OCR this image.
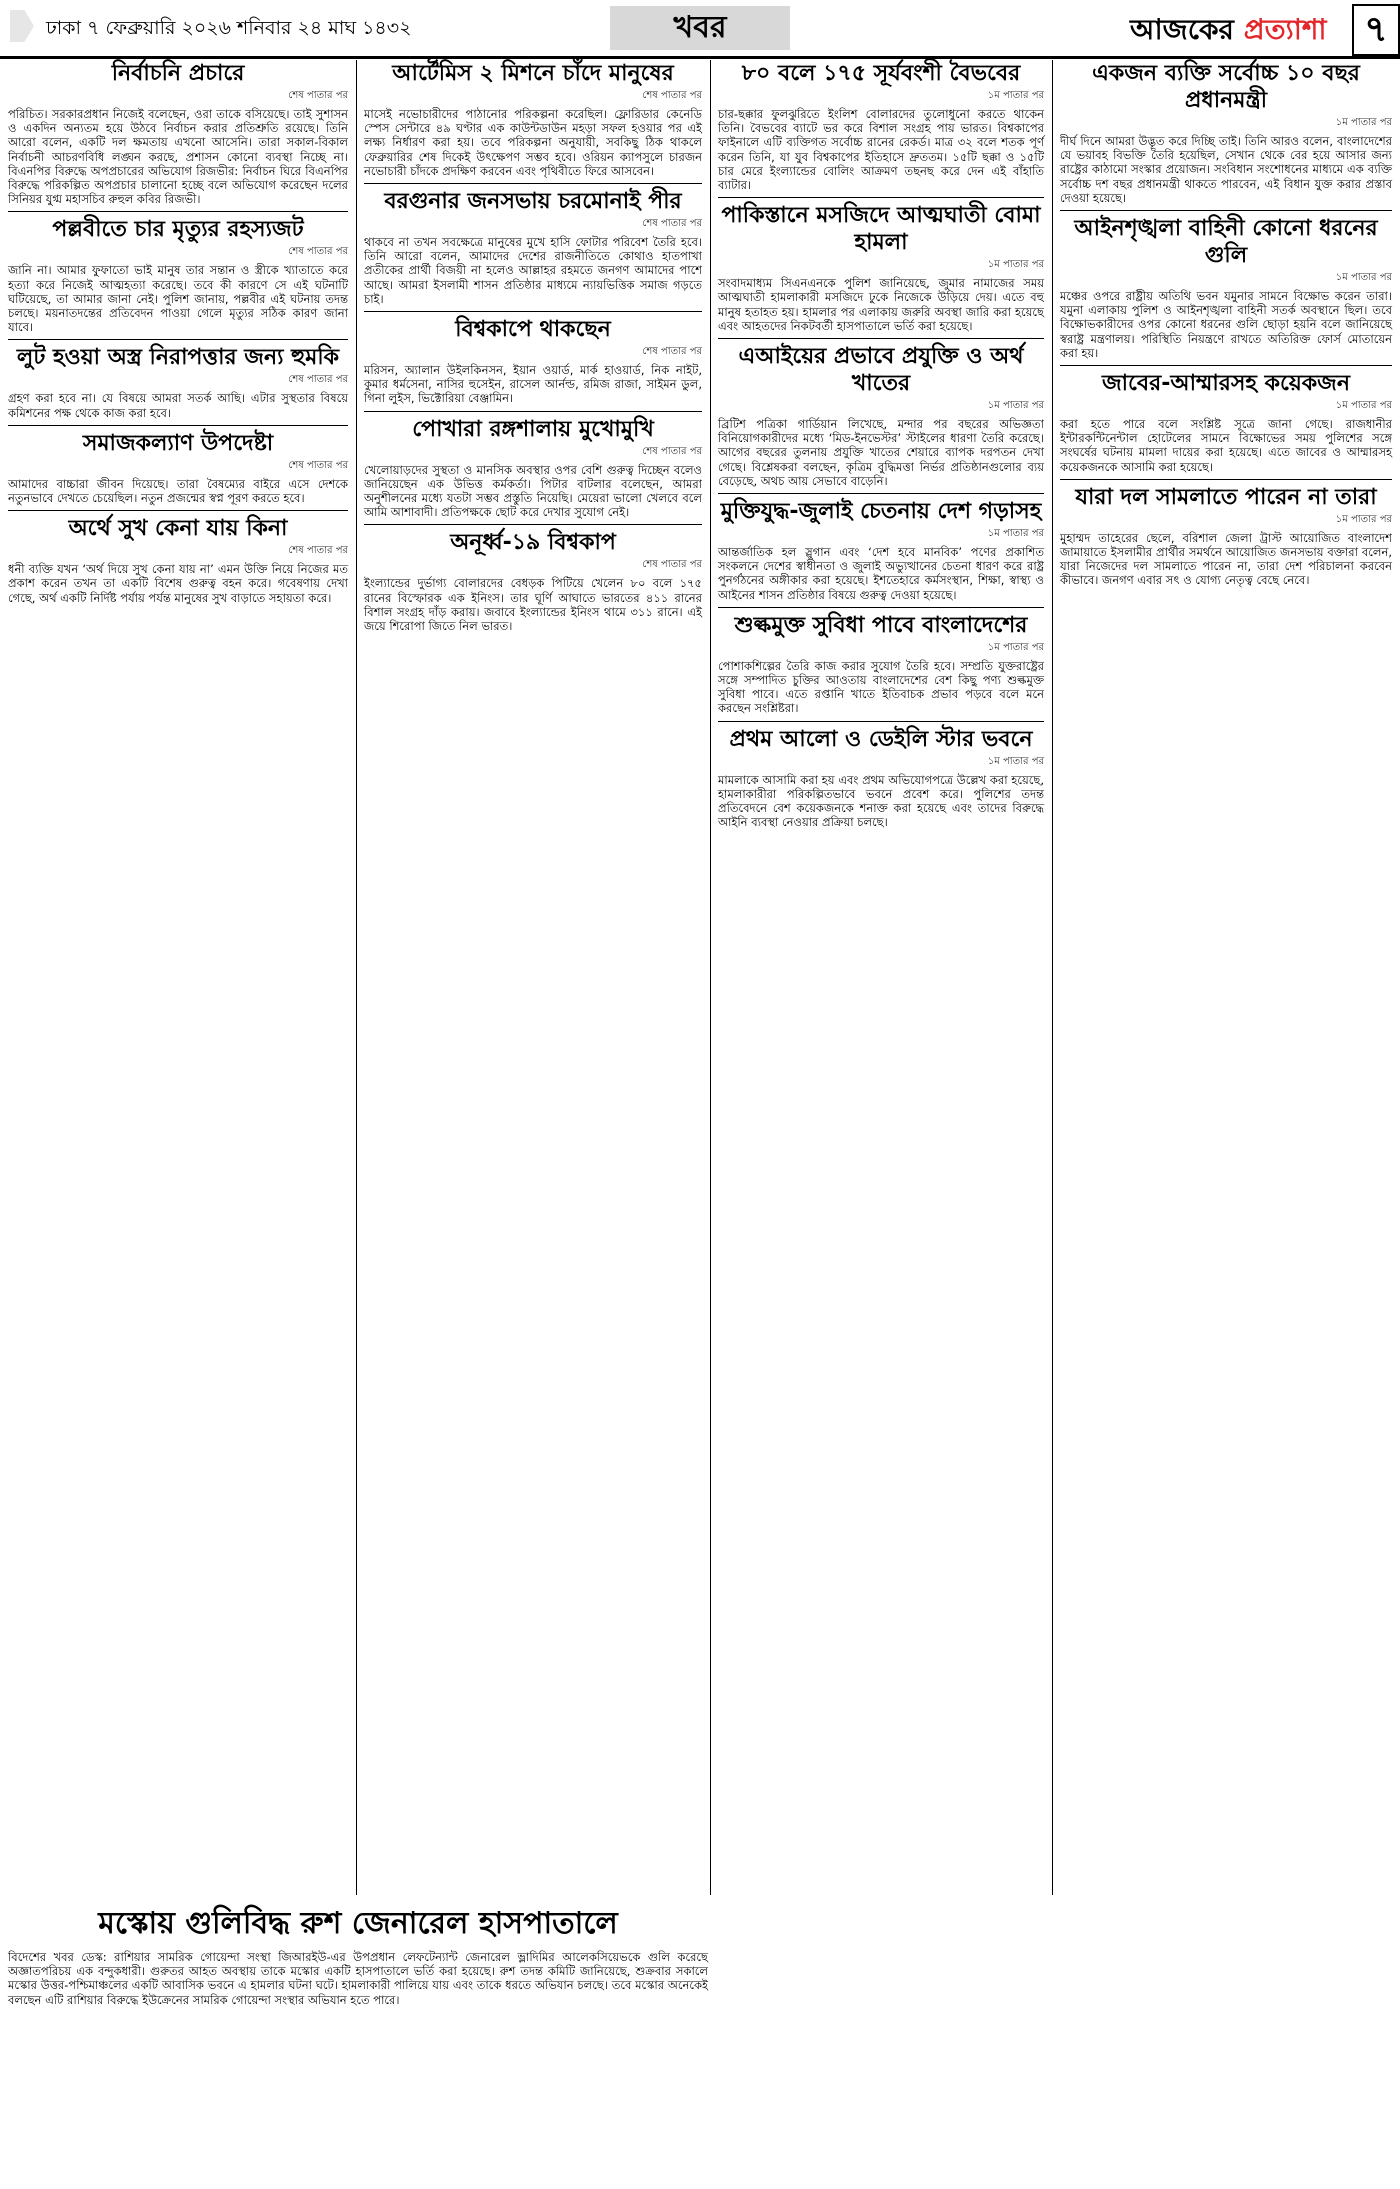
ঢাকা ৭ ফেব্রুয়ারি ২০২৬ শনিবার ২৪ মাঘ ১৪৩২	খবর	আজকের প্রত্যাশা	৭
নির্বাচনি প্রচারে
শেষ পাতার পর

পরিচিত। সরকারপ্রধান নিজেই বলেছেন, ওরা তাকে বসিয়েছে। তাই সুশাসন ও একদিন অন্যতম হয়ে উঠবে নির্বাচন করার প্রতিশ্রুতি রয়েছে। তিনি আরো বলেন, একটি দল ক্ষমতায় এখনো আসেনি। তারা সকাল-বিকাল নির্বাচনী আচরণবিধি লঙ্ঘন করছে, প্রশাসন কোনো ব্যবস্থা নিচ্ছে না। বিএনপির বিরুদ্ধে অপপ্রচারের অভিযোগ রিজভীর: নির্বাচন ঘিরে বিএনপির বিরুদ্ধে পরিকল্পিত অপপ্রচার চালানো হচ্ছে বলে অভিযোগ করেছেন দলের সিনিয়র যুগ্ম মহাসচিব রুহুল কবির রিজভী।

পল্লবীতে চার মৃত্যুর রহস্যজট
শেষ পাতার পর

জানি না। আমার ফুফাতো ভাই মানুষ তার সন্তান ও স্ত্রীকে খ্যাতাতে করে হত্যা করে নিজেই আত্মহত্যা করেছে। তবে কী কারণে সে এই ঘটনাটি ঘটিয়েছে, তা আমার জানা নেই। পুলিশ জানায়, পল্লবীর এই ঘটনায় তদন্ত চলছে। ময়নাতদন্তের প্রতিবেদন পাওয়া গেলে মৃত্যুর সঠিক কারণ জানা যাবে।

লুট হওয়া অস্ত্র নিরাপত্তার জন্য হুমকি
শেষ পাতার পর

গ্রহণ করা হবে না। যে বিষয়ে আমরা সতর্ক আছি। এটার সুস্থতার বিষয়ে কমিশনের পক্ষ থেকে কাজ করা হবে।

সমাজকল্যাণ উপদেষ্টা
শেষ পাতার পর

আমাদের বাচ্চারা জীবন দিয়েছে। তারা বৈষম্যের বাইরে এসে দেশকে নতুনভাবে দেখতে চেয়েছিল। নতুন প্রজন্মের স্বপ্ন পূরণ করতে হবে।

অর্থে সুখ কেনা যায় কিনা
শেষ পাতার পর

ধনী ব্যক্তি যখন ‘অর্থ দিয়ে সুখ কেনা যায় না’ এমন উক্তি নিয়ে নিজের মত প্রকাশ করেন তখন তা একটি বিশেষ গুরুত্ব বহন করে। গবেষণায় দেখা গেছে, অর্থ একটি নির্দিষ্ট পর্যায় পর্যন্ত মানুষের সুখ বাড়াতে সহায়তা করে।

আর্টেমিস ২ মিশনে চাঁদে মানুষের
শেষ পাতার পর

মাসেই নভোচারীদের পাঠানোর পরিকল্পনা করেছিল। ফ্লোরিডার কেনেডি স্পেস সেন্টারে ৪৯ ঘণ্টার এক কাউন্টডাউন মহড়া সফল হওয়ার পর এই লক্ষ্য নির্ধারণ করা হয়। তবে পরিকল্পনা অনুযায়ী, সবকিছু ঠিক থাকলে ফেব্রুয়ারির শেষ দিকেই উৎক্ষেপণ সম্ভব হবে। ওরিয়ন ক্যাপসুলে চারজন নভোচারী চাঁদকে প্রদক্ষিণ করবেন এবং পৃথিবীতে ফিরে আসবেন।

বরগুনার জনসভায় চরমোনাই পীর
শেষ পাতার পর

থাকবে না তখন সবক্ষেত্রে মানুষের মুখে হাসি ফোটার পরিবেশ তৈরি হবে। তিনি আরো বলেন, আমাদের দেশের রাজনীতিতে কোথাও হাতপাখা প্রতীকের প্রার্থী বিজয়ী না হলেও আল্লাহর রহমতে জনগণ আমাদের পাশে আছে। আমরা ইসলামী শাসন প্রতিষ্ঠার মাধ্যমে ন্যায়ভিত্তিক সমাজ গড়তে চাই।

বিশ্বকাপে থাকছেন
শেষ পাতার পর

মরিসন, অ্যালান উইলকিনসন, ইয়ান ওয়ার্ড, মার্ক হাওয়ার্ড, নিক নাইট, কুমার ধর্মসেনা, নাসির হুসেইন, রাসেল আর্নল্ড, রমিজ রাজা, সাইমন ডুল, গিনা লুইস, ভিক্টোরিয়া বেঞ্জামিন।

পোখারা রঙ্গশালায় মুখোমুখি
শেষ পাতার পর

খেলোয়াড়দের সুস্থতা ও মানসিক অবস্থার ওপর বেশি গুরুত্ব দিচ্ছেন বলেও জানিয়েছেন এক উভিত্ত কর্মকর্তা। পিটার বাটলার বলেছেন, আমরা অনুশীলনের মধ্যে যতটা সম্ভব প্রস্তুতি নিয়েছি। মেয়েরা ভালো খেলবে বলে আমি আশাবাদী। প্রতিপক্ষকে ছোট করে দেখার সুযোগ নেই।

অনূর্ধ্ব-১৯ বিশ্বকাপ
শেষ পাতার পর

ইংল্যান্ডের দুর্ভাগ্য বোলারদের বেধড়ক পিটিয়ে খেলেন ৮০ বলে ১৭৫ রানের বিস্ফোরক এক ইনিংস। তার ঘূর্ণি আঘাতে ভারতের ৪১১ রানের বিশাল সংগ্রহ দাঁড় করায়। জবাবে ইংল্যান্ডের ইনিংস থামে ৩১১ রানে। এই জয়ে শিরোপা জিতে নিল ভারত।

৮০ বলে ১৭৫ সূর্যবংশী বৈভবের
১ম পাতার পর

চার-ছক্কার ফুলঝুরিতে ইংলিশ বোলারদের তুলোধুনো করতে থাকেন তিনি। বৈভবের ব্যাটে ভর করে বিশাল সংগ্রহ পায় ভারত। বিশ্বকাপের ফাইনালে এটি ব্যক্তিগত সর্বোচ্চ রানের রেকর্ড। মাত্র ৩২ বলে শতক পূর্ণ করেন তিনি, যা যুব বিশ্বকাপের ইতিহাসে দ্রুততম। ১৫টি ছক্কা ও ১৫টি চার মেরে ইংল্যান্ডের বোলিং আক্রমণ তছনছ করে দেন এই বাঁহাতি ব্যাটার।

পাকিস্তানে মসজিদে আত্মঘাতী বোমা হামলা
১ম পাতার পর

সংবাদমাধ্যম সিএনএনকে পুলিশ জানিয়েছে, জুমার নামাজের সময় আত্মঘাতী হামলাকারী মসজিদে ঢুকে নিজেকে উড়িয়ে দেয়। এতে বহু মানুষ হতাহত হয়। হামলার পর এলাকায় জরুরি অবস্থা জারি করা হয়েছে এবং আহতদের নিকটবর্তী হাসপাতালে ভর্তি করা হয়েছে।

এআইয়ের প্রভাবে প্রযুক্তি ও অর্থ খাতের
১ম পাতার পর

ব্রিটিশ পত্রিকা গার্ডিয়ান লিখেছে, মন্দার পর বছরের অভিজ্ঞতা বিনিয়োগকারীদের মধ্যে ‘মিড-ইনভেস্টর’ স্টাইলের ধারণা তৈরি করেছে। আগের বছরের তুলনায় প্রযুক্তি খাতের শেয়ারে ব্যাপক দরপতন দেখা গেছে। বিশ্লেষকরা বলছেন, কৃত্রিম বুদ্ধিমত্তা নির্ভর প্রতিষ্ঠানগুলোর ব্যয় বেড়েছে, অথচ আয় সেভাবে বাড়েনি।

মুক্তিযুদ্ধ-জুলাই চেতনায় দেশ গড়াসহ
১ম পাতার পর

আন্তর্জাতিক হল স্লুগান এবং ‘দেশ হবে মানবিক’ পণের প্রকাশিত সংকলনে দেশের স্বাধীনতা ও জুলাই অভ্যুত্থানের চেতনা ধারণ করে রাষ্ট্র পুনর্গঠনের অঙ্গীকার করা হয়েছে। ইশতেহারে কর্মসংস্থান, শিক্ষা, স্বাস্থ্য ও আইনের শাসন প্রতিষ্ঠার বিষয়ে গুরুত্ব দেওয়া হয়েছে।

শুল্কমুক্ত সুবিধা পাবে বাংলাদেশের
১ম পাতার পর

পোশাকশিল্পের তৈরি কাজ করার সুযোগ তৈরি হবে। সম্প্রতি যুক্তরাষ্ট্রের সঙ্গে সম্পাদিত চুক্তির আওতায় বাংলাদেশের বেশ কিছু পণ্য শুল্কমুক্ত সুবিধা পাবে। এতে রপ্তানি খাতে ইতিবাচক প্রভাব পড়বে বলে মনে করছেন সংশ্লিষ্টরা।

প্রথম আলো ও ডেইলি স্টার ভবনে
১ম পাতার পর

মামলাকে আসামি করা হয় এবং প্রথম অভিযোগপত্রে উল্লেখ করা হয়েছে, হামলাকারীরা পরিকল্পিতভাবে ভবনে প্রবেশ করে। পুলিশের তদন্ত প্রতিবেদনে বেশ কয়েকজনকে শনাক্ত করা হয়েছে এবং তাদের বিরুদ্ধে আইনি ব্যবস্থা নেওয়ার প্রক্রিয়া চলছে।

একজন ব্যক্তি সর্বোচ্চ ১০ বছর প্রধানমন্ত্রী
১ম পাতার পর

দীর্ঘ দিনে আমরা উদ্ভূত করে দিচ্ছি তাই। তিনি আরও বলেন, বাংলাদেশের যে ভয়াবহ বিভক্তি তৈরি হয়েছিল, সেখান থেকে বের হয়ে আসার জন্য রাষ্ট্রের কাঠামো সংস্কার প্রয়োজন। সংবিধান সংশোধনের মাধ্যমে এক ব্যক্তি সর্বোচ্চ দশ বছর প্রধানমন্ত্রী থাকতে পারবেন, এই বিধান যুক্ত করার প্রস্তাব দেওয়া হয়েছে।

আইনশৃঙ্খলা বাহিনী কোনো ধরনের গুলি
১ম পাতার পর

মঞ্চের ওপরে রাষ্ট্রীয় অতিথি ভবন যমুনার সামনে বিক্ষোভ করেন তারা। যমুনা এলাকায় পুলিশ ও আইনশৃঙ্খলা বাহিনী সতর্ক অবস্থানে ছিল। তবে বিক্ষোভকারীদের ওপর কোনো ধরনের গুলি ছোড়া হয়নি বলে জানিয়েছে স্বরাষ্ট্র মন্ত্রণালয়। পরিস্থিতি নিয়ন্ত্রণে রাখতে অতিরিক্ত ফোর্স মোতায়েন করা হয়।

জাবের-আম্মারসহ কয়েকজন
১ম পাতার পর

করা হতে পারে বলে সংশ্লিষ্ট সূত্রে জানা গেছে। রাজধানীর ইন্টারকন্টিনেন্টাল হোটেলের সামনে বিক্ষোভের সময় পুলিশের সঙ্গে সংঘর্ষের ঘটনায় মামলা দায়ের করা হয়েছে। এতে জাবের ও আম্মারসহ কয়েকজনকে আসামি করা হয়েছে।

যারা দল সামলাতে পারেন না তারা
১ম পাতার পর

মুহাম্মদ তাহেরের ছেলে, বরিশাল জেলা ট্রাস্ট আয়োজিত বাংলাদেশ জামায়াতে ইসলামীর প্রার্থীর সমর্থনে আয়োজিত জনসভায় বক্তারা বলেন, যারা নিজেদের দল সামলাতে পারেন না, তারা দেশ পরিচালনা করবেন কীভাবে। জনগণ এবার সৎ ও যোগ্য নেতৃত্ব বেছে নেবে।

মস্কোয় গুলিবিদ্ধ রুশ জেনারেল হাসপাতালে

বিদেশের খবর ডেস্ক: রাশিয়ার সামরিক গোয়েন্দা সংস্থা জিআরইউ-এর উপপ্রধান লেফটেন্যান্ট জেনারেল ভ্লাদিমির আলেকসিয়েভকে গুলি করেছে অজ্ঞাতপরিচয় এক বন্দুকধারী। গুরুতর আহত অবস্থায় তাকে মস্কোর একটি হাসপাতালে ভর্তি করা হয়েছে। রুশ তদন্ত কমিটি জানিয়েছে, শুক্রবার সকালে মস্কোর উত্তর-পশ্চিমাঞ্চলের একটি আবাসিক ভবনে এ হামলার ঘটনা ঘটে। হামলাকারী পালিয়ে যায় এবং তাকে ধরতে অভিযান চলছে। তবে মস্কোর অনেকেই বলছেন এটি রাশিয়ার বিরুদ্ধে ইউক্রেনের সামরিক গোয়েন্দা সংস্থার অভিযান হতে পারে।
